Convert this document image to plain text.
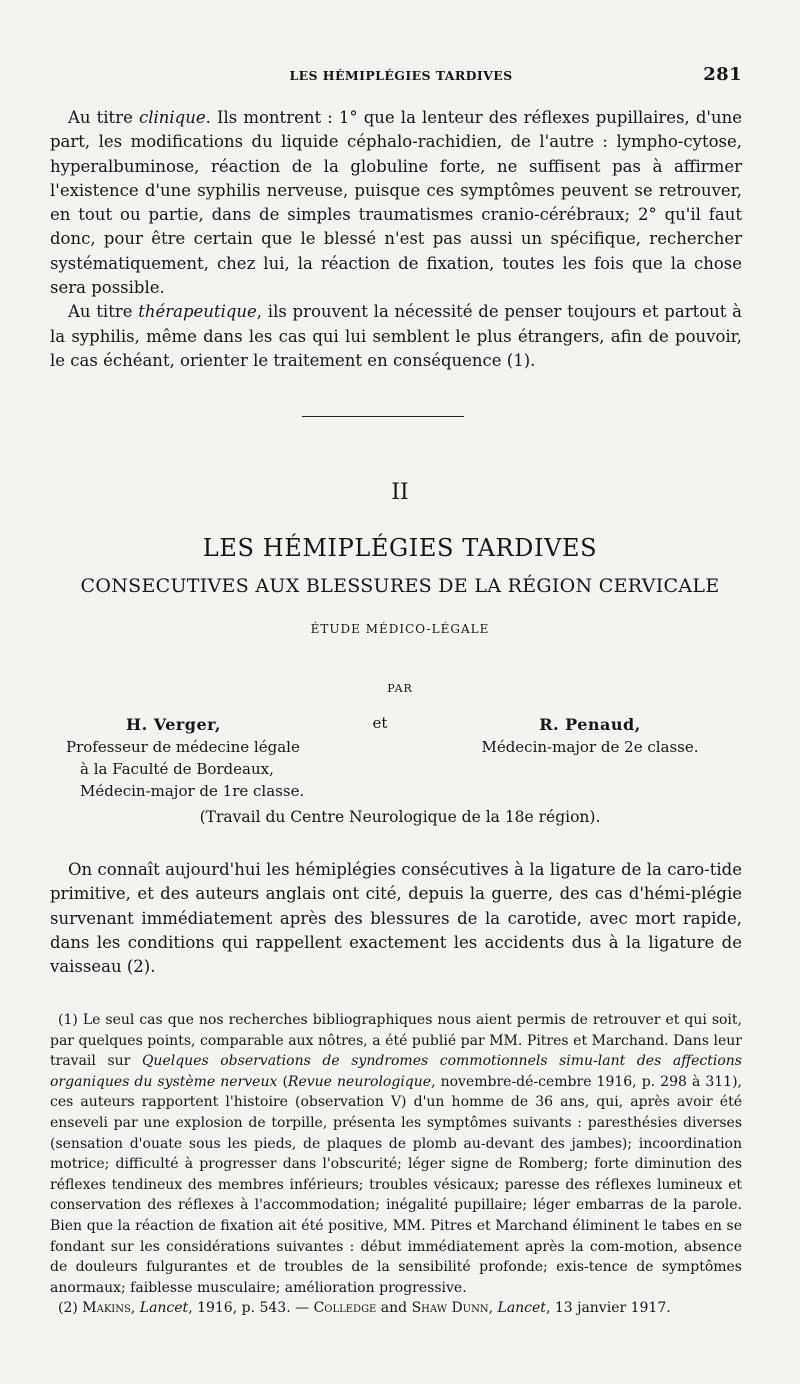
LES HÉMIPLÉGIES TARDIVES	281

Au titre clinique. Ils montrent : 1° que la lenteur des réflexes pupillaires, d'une part, les modifications du liquide céphalo-rachidien, de l'autre : lympho-cytose, hyperalbuminose, réaction de la globuline forte, ne suffisent pas à affirmer l'existence d'une syphilis nerveuse, puisque ces symptômes peuvent se retrouver, en tout ou partie, dans de simples traumatismes cranio-cérébraux; 2° qu'il faut donc, pour être certain que le blessé n'est pas aussi un spécifique, rechercher systématiquement, chez lui, la réaction de fixation, toutes les fois que la chose sera possible.

Au titre thérapeutique, ils prouvent la nécessité de penser toujours et partout à la syphilis, même dans les cas qui lui semblent le plus étrangers, afin de pouvoir, le cas échéant, orienter le traitement en conséquence (1).

II
LES HÉMIPLÉGIES TARDIVES
CONSECUTIVES AUX BLESSURES DE LA RÉGION CERVICALE
ÉTUDE MÉDICO-LÉGALE
PAR
H. Verger,
Professeur de médecine légale
à la Faculté de Bordeaux,
Médecin-major de 1re classe.
et	R. Penaud,
Médecin-major de 2e classe.
(Travail du Centre Neurologique de la 18e région).

On connaît aujourd'hui les hémiplégies consécutives à la ligature de la caro-tide primitive, et des auteurs anglais ont cité, depuis la guerre, des cas d'hémi-plégie survenant immédiatement après des blessures de la carotide, avec mort rapide, dans les conditions qui rappellent exactement les accidents dus à la ligature de vaisseau (2).

(1) Le seul cas que nos recherches bibliographiques nous aient permis de retrouver et qui soit, par quelques points, comparable aux nôtres, a été publié par MM. Pitres et Marchand. Dans leur travail sur Quelques observations de syndromes commotionnels simu-lant des affections organiques du système nerveux (Revue neurologique, novembre-dé-cembre 1916, p. 298 à 311), ces auteurs rapportent l'histoire (observation V) d'un homme de 36 ans, qui, après avoir été enseveli par une explosion de torpille, présenta les symptômes suivants : paresthésies diverses (sensation d'ouate sous les pieds, de plaques de plomb au-devant des jambes); incoordination motrice; difficulté à progresser dans l'obscurité; léger signe de Romberg; forte diminution des réflexes tendineux des membres inférieurs; troubles vésicaux; paresse des réflexes lumineux et conservation des réflexes à l'accommodation; inégalité pupillaire; léger embarras de la parole. Bien que la réaction de fixation ait été positive, MM. Pitres et Marchand éliminent le tabes en se fondant sur les considérations suivantes : début immédiatement après la com-motion, absence de douleurs fulgurantes et de troubles de la sensibilité profonde; exis-tence de symptômes anormaux; faiblesse musculaire; amélioration progressive.

(2) Makins, Lancet, 1916, p. 543. — Colledge and Shaw Dunn, Lancet, 13 janvier 1917.
